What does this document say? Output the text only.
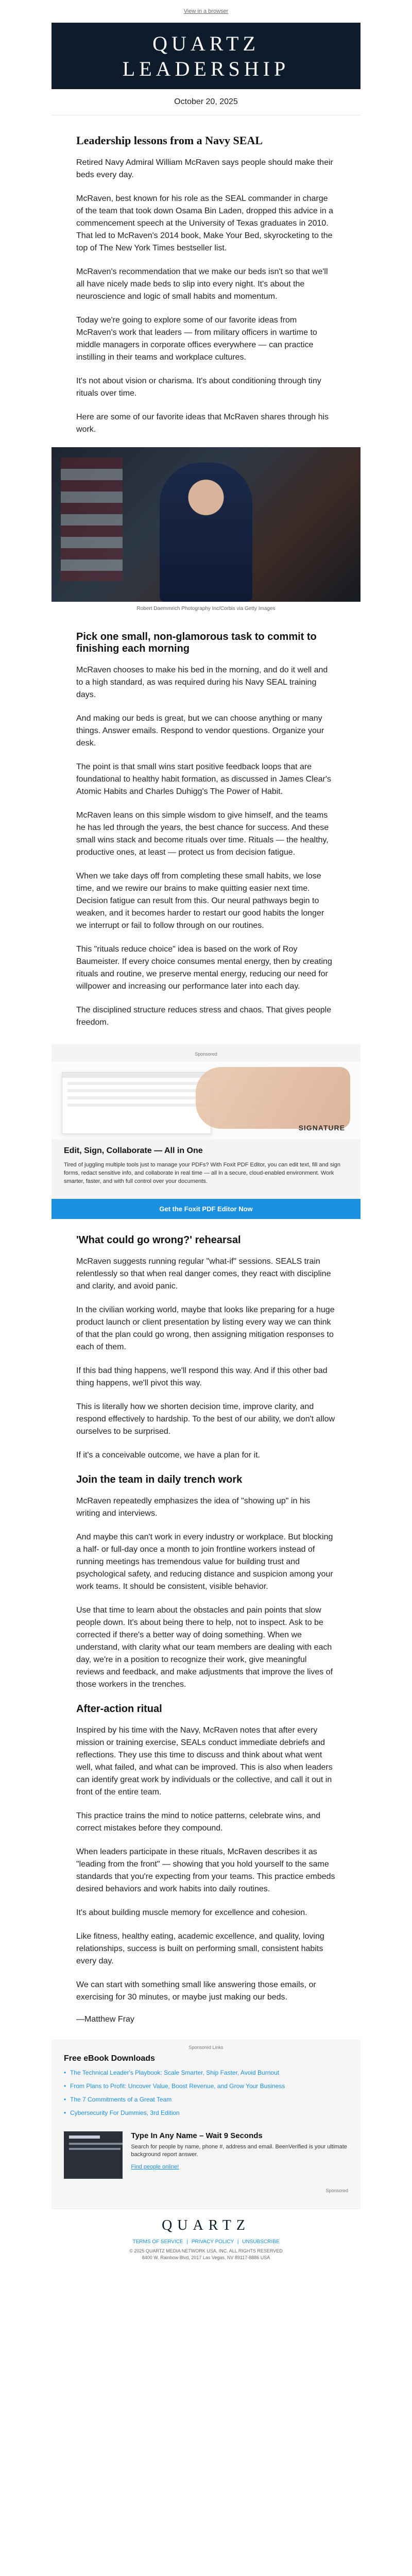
View in a browser
QUARTZ
LEADERSHIP
October 20, 2025
Leadership lessons from a Navy SEAL

Retired Navy Admiral William McRaven says people should make their beds every day.

McRaven, best known for his role as the SEAL commander in charge of the team that took down Osama Bin Laden, dropped this advice in a commencement speech at the University of Texas graduates in 2010. That led to McRaven's 2014 book, Make Your Bed, skyrocketing to the top of The New York Times bestseller list.

McRaven's recommendation that we make our beds isn't so that we'll all have nicely made beds to slip into every night. It's about the neuroscience and logic of small habits and momentum.

Today we're going to explore some of our favorite ideas from McRaven's work that leaders — from military officers in wartime to middle managers in corporate offices everywhere — can practice instilling in their teams and workplace cultures.

It's not about vision or charisma. It's about conditioning through tiny rituals over time.

Here are some of our favorite ideas that McRaven shares through his work.

Robert Daemmrich Photography Inc/Corbis via Getty Images
Pick one small, non-glamorous task to commit to finishing each morning

McRaven chooses to make his bed in the morning, and do it well and to a high standard, as was required during his Navy SEAL training days.

And making our beds is great, but we can choose anything or many things. Answer emails. Respond to vendor questions. Organize your desk.

The point is that small wins start positive feedback loops that are foundational to healthy habit formation, as discussed in James Clear's Atomic Habits and Charles Duhigg's The Power of Habit.

McRaven leans on this simple wisdom to give himself, and the teams he has led through the years, the best chance for success. And these small wins stack and become rituals over time. Rituals — the healthy, productive ones, at least — protect us from decision fatigue.

When we take days off from completing these small habits, we lose time, and we rewire our brains to make quitting easier next time. Decision fatigue can result from this. Our neural pathways begin to weaken, and it becomes harder to restart our good habits the longer we interrupt or fail to follow through on our routines.

This "rituals reduce choice" idea is based on the work of Roy Baumeister. If every choice consumes mental energy, then by creating rituals and routine, we preserve mental energy, reducing our need for willpower and increasing our performance later into each day.

The disciplined structure reduces stress and chaos. That gives people freedom.

Sponsored
SIGNATURE
Edit, Sign, Collaborate — All in One
Tired of juggling multiple tools just to manage your PDFs? With Foxit PDF Editor, you can edit text, fill and sign forms, redact sensitive info, and collaborate in real time — all in a secure, cloud-enabled environment. Work smarter, faster, and with full control over your documents.
Get the Foxit PDF Editor Now
'What could go wrong?' rehearsal

McRaven suggests running regular "what-if" sessions. SEALS train relentlessly so that when real danger comes, they react with discipline and clarity, and avoid panic.

In the civilian working world, maybe that looks like preparing for a huge product launch or client presentation by listing every way we can think of that the plan could go wrong, then assigning mitigation responses to each of them.

If this bad thing happens, we'll respond this way. And if this other bad thing happens, we'll pivot this way.

This is literally how we shorten decision time, improve clarity, and respond effectively to hardship. To the best of our ability, we don't allow ourselves to be surprised.

If it's a conceivable outcome, we have a plan for it.

Join the team in daily trench work

McRaven repeatedly emphasizes the idea of "showing up" in his writing and interviews.

And maybe this can't work in every industry or workplace. But blocking a half- or full-day once a month to join frontline workers instead of running meetings has tremendous value for building trust and psychological safety, and reducing distance and suspicion among your work teams. It should be consistent, visible behavior.

Use that time to learn about the obstacles and pain points that slow people down. It's about being there to help, not to inspect. Ask to be corrected if there's a better way of doing something. When we understand, with clarity what our team members are dealing with each day, we're in a position to recognize their work, give meaningful reviews and feedback, and make adjustments that improve the lives of those workers in the trenches.

After-action ritual

Inspired by his time with the Navy, McRaven notes that after every mission or training exercise, SEALs conduct immediate debriefs and reflections. They use this time to discuss and think about what went well, what failed, and what can be improved. This is also when leaders can identify great work by individuals or the collective, and call it out in front of the entire team.

This practice trains the mind to notice patterns, celebrate wins, and correct mistakes before they compound.

When leaders participate in these rituals, McRaven describes it as "leading from the front" — showing that you hold yourself to the same standards that you're expecting from your teams. This practice embeds desired behaviors and work habits into daily routines.

It's about building muscle memory for excellence and cohesion.

Like fitness, healthy eating, academic excellence, and quality, loving relationships, success is built on performing small, consistent habits every day.

We can start with something small like answering those emails, or exercising for 30 minutes, or maybe just making our beds.

—Matthew Fray
Sponsored Links
Free eBook Downloads
• The Technical Leader's Playbook: Scale Smarter, Ship Faster, Avoid Burnout
• From Plans to Profit: Uncover Value, Boost Revenue, and Grow Your Business
• The 7 Commitments of a Great Team
• Cybersecurity For Dummies, 3rd Edition
Type In Any Name – Wait 9 Seconds

Search for people by name, phone #, address and email. BeenVerified is your ultimate background report answer.

Find people online!
Sponsored
QUARTZ
TERMS OF SERVICE | PRIVACY POLICY | UNSUBSCRIBE
© 2025 QUARTZ MEDIA NETWORK USA, INC. ALL RIGHTS RESERVED
8400 W. Rainbow Blvd, 2017 Las Vegas, NV 89117-8886 USA
